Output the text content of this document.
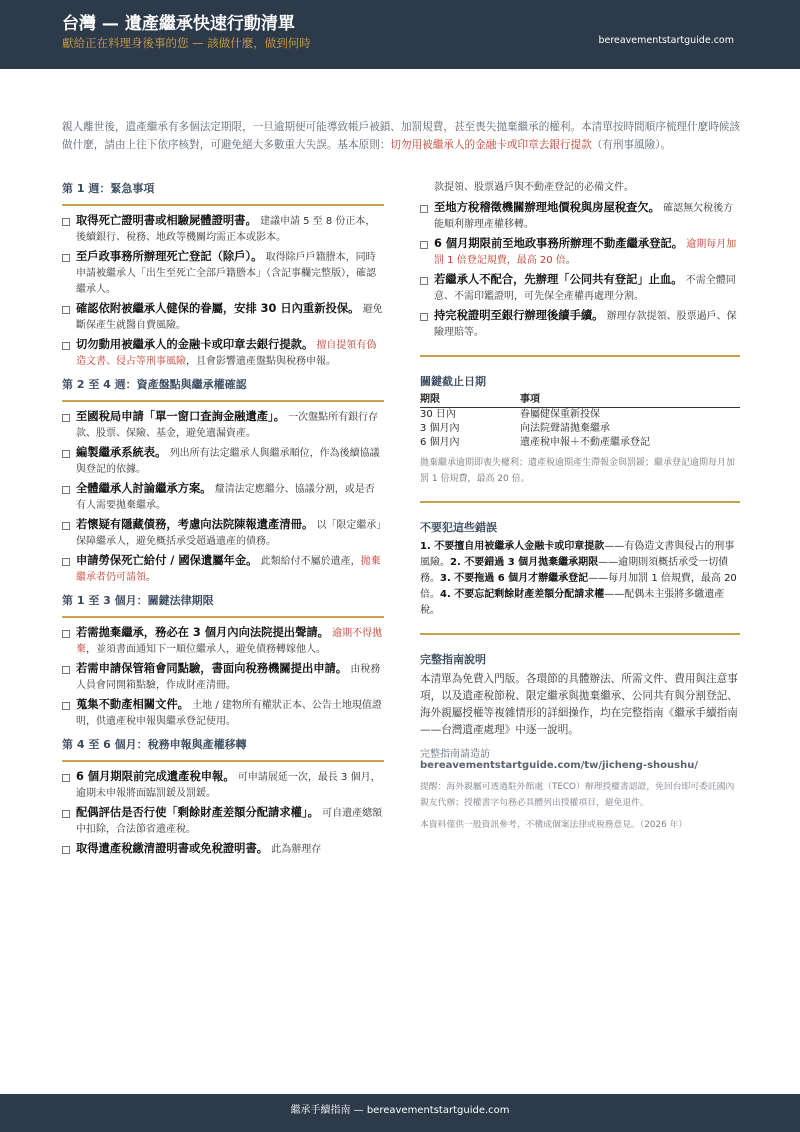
台灣 — 遺產繼承快速行動清單
獻給正在料理身後事的您 — 該做什麼，做到何時	bereavementstartguide.com
親人離世後，遺產繼承有多個法定期限，一旦逾期便可能導致帳戶被鎖、加罰規費，甚至喪失拋棄繼承的權利。本清單按時間順序梳理什麼時候該做什麼，請由上往下依序核對，可避免絕大多數重大失誤。基本原則：切勿用被繼承人的金融卡或印章去銀行提款（有刑事風險）。
第 1 週：緊急事項
取得死亡證明書或相驗屍體證明書。 建議申請 5 至 8 份正本，後續銀行、稅務、地政等機關均需正本或影本。
至戶政事務所辦理死亡登記（除戶）。 取得除戶戶籍謄本，同時申請被繼承人「出生至死亡全部戶籍謄本」（含記事欄完整版），確認繼承人。
確認依附被繼承人健保的眷屬，安排 30 日內重新投保。 避免斷保產生就醫自費風險。
切勿動用被繼承人的金融卡或印章去銀行提款。 擅自提領有偽造文書、侵占等刑事風險，且會影響遺產盤點與稅務申報。
第 2 至 4 週：資產盤點與繼承權確認
至國稅局申請「單一窗口查詢金融遺產」。 一次盤點所有銀行存款、股票、保險、基金，避免遺漏資產。
編製繼承系統表。 列出所有法定繼承人與繼承順位，作為後續協議與登記的依據。
全體繼承人討論繼承方案。 釐清法定應繼分、協議分割，或是否有人需要拋棄繼承。
若懷疑有隱藏債務，考慮向法院陳報遺產清冊。 以「限定繼承」保障繼承人，避免概括承受超過遺產的債務。
申請勞保死亡給付 / 國保遺屬年金。 此類給付不屬於遺產，拋棄繼承者仍可請領。
第 1 至 3 個月：關鍵法律期限
若需拋棄繼承，務必在 3 個月內向法院提出聲請。 逾期不得拋棄，並須書面通知下一順位繼承人，避免債務轉嫁他人。
若需申請保管箱會同點驗，書面向稅務機關提出申請。 由稅務人員會同開箱點驗，作成財產清冊。
蒐集不動產相關文件。 土地 / 建物所有權狀正本、公告土地現值證明，供遺產稅申報與繼承登記使用。
第 4 至 6 個月：稅務申報與產權移轉
6 個月期限前完成遺產稅申報。 可申請展延一次，最長 3 個月，逾期未申報將面臨罰鍰及罰鍰。
配偶評估是否行使「剩餘財產差額分配請求權」。 可自遺產總額中扣除，合法節省遺產稅。
取得遺產稅繳清證明書或免稅證明書。 此為辦理存
款提領、股票過戶與不動產登記的必備文件。
至地方稅稽徵機關辦理地價稅與房屋稅查欠。 確認無欠稅後方能順利辦理產權移轉。
6 個月期限前至地政事務所辦理不動產繼承登記。 逾期每月加罰 1 倍登記規費，最高 20 倍。
若繼承人不配合，先辦理「公同共有登記」止血。 不需全體同意、不需印鑑證明，可先保全產權再處理分割。
持完稅證明至銀行辦理後續手續。 辦理存款提領、股票過戶、保險理賠等。
關鍵截止日期
期限	事項
30 日內	眷屬健保重新投保
3 個月內	向法院聲請拋棄繼承
6 個月內	遺產稅申報＋不動產繼承登記
拋棄繼承逾期即喪失權利；遺產稅逾期產生滯報金與罰鍰；繼承登記逾期每月加罰 1 倍規費，最高 20 倍。
不要犯這些錯誤
1. 不要擅自用被繼承人金融卡或印章提款——有偽造文書與侵占的刑事風險。2. 不要錯過 3 個月拋棄繼承期限——逾期則須概括承受一切債務。3. 不要拖過 6 個月才辦繼承登記——每月加罰 1 倍規費，最高 20 倍。4. 不要忘記剩餘財產差額分配請求權——配偶未主張將多繳遺產稅。
完整指南說明
本清單為免費入門版。各環節的具體辦法、所需文件、費用與注意事項，以及遺產稅節稅、限定繼承與拋棄繼承、公同共有與分割登記、海外親屬授權等複雜情形的詳細操作，均在完整指南《繼承手續指南——台灣遺產處理》中逐一說明。
完整指南請造訪
bereavementstartguide.com/tw/jicheng-shoushu/
提醒：海外親屬可透過駐外館處（TECO）辦理授權書認證，免回台即可委託國內親友代辦；授權書字句務必具體列出授權項目，避免退件。
本資料僅供一般資訊參考，不構成個案法律或稅務意見。（2026 年）
繼承手續指南 — bereavementstartguide.com
